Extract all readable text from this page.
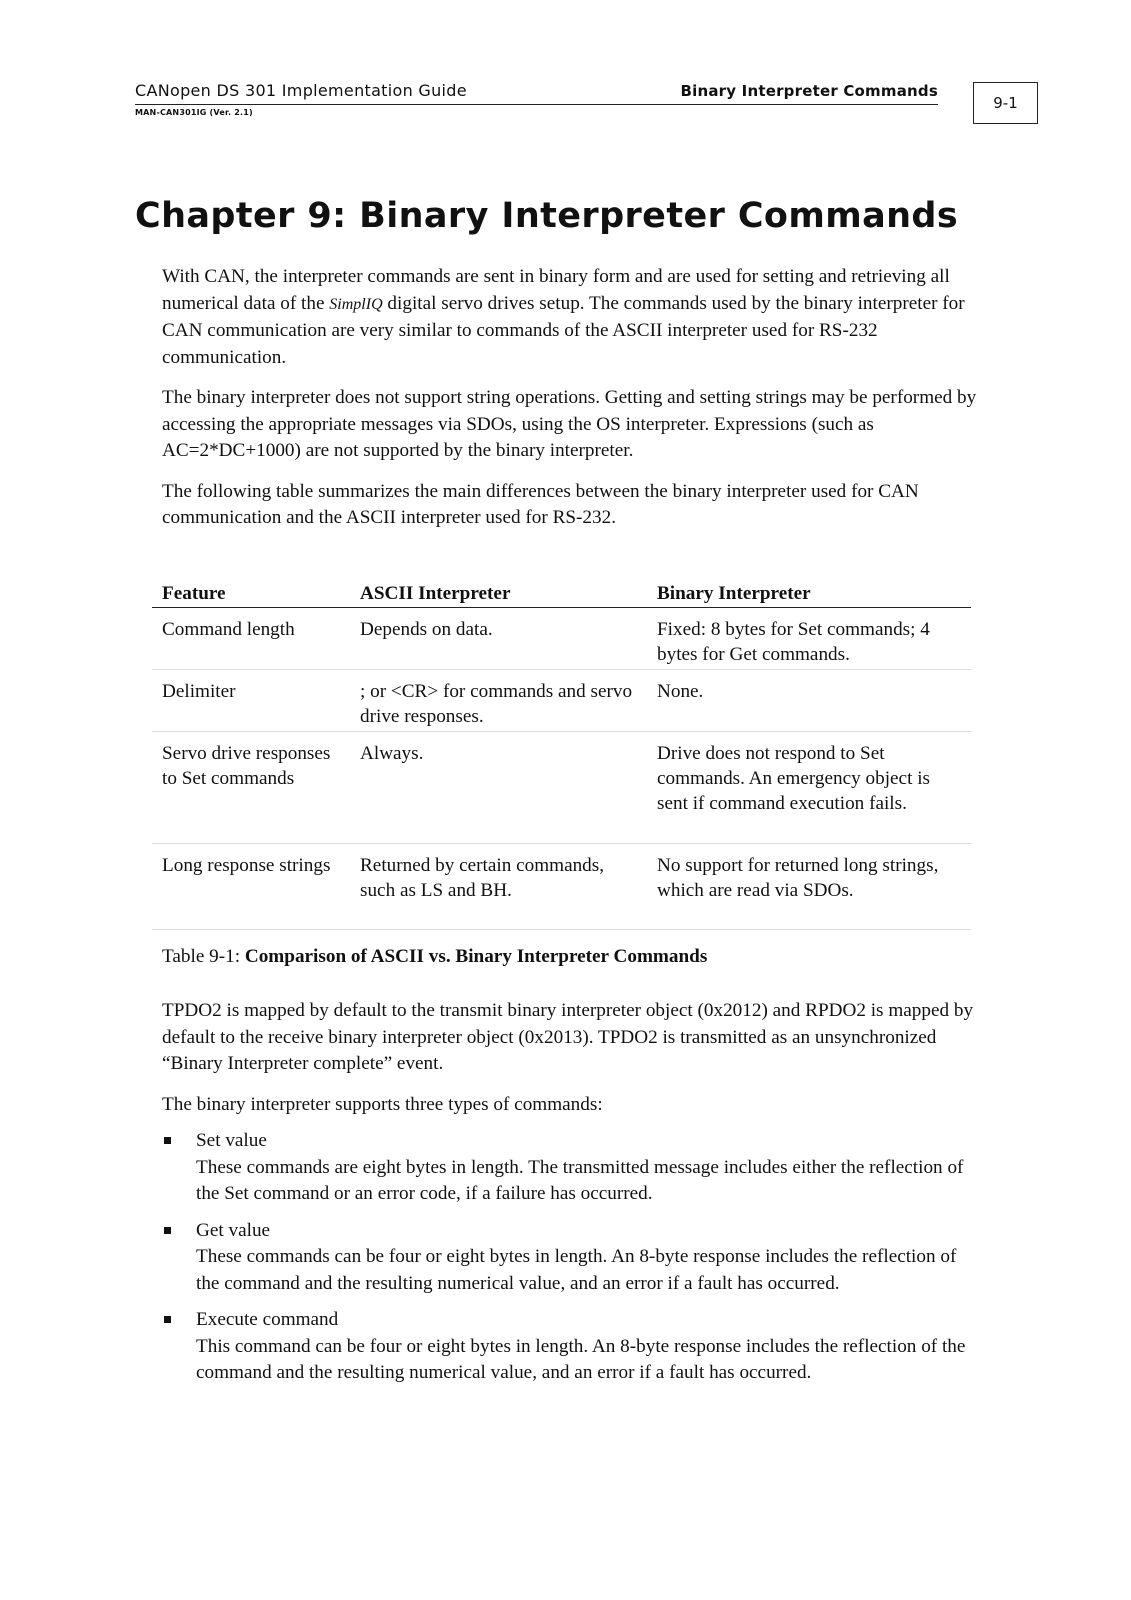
CANopen DS 301 Implementation Guide	Binary Interpreter Commands
MAN-CAN301IG (Ver. 2.1)
9-1
Chapter 9: Binary Interpreter Commands

With CAN, the interpreter commands are sent in binary form and are used for setting and retrieving all numerical data of the SimplIQ digital servo drives setup. The commands used by the binary interpreter for CAN communication are very similar to commands of the ASCII interpreter used for RS-232 communication.

The binary interpreter does not support string operations. Getting and setting strings may be performed by accessing the appropriate messages via SDOs, using the OS interpreter. Expressions (such as AC=2*DC+1000) are not supported by the binary interpreter.

The following table summarizes the main differences between the binary interpreter used for CAN communication and the ASCII interpreter used for RS-232.

Feature	ASCII Interpreter	Binary Interpreter
Command length	Depends on data.	Fixed: 8 bytes for Set commands; 4 bytes for Get commands.
Delimiter	; or <CR> for commands and servo drive responses.	None.
Servo drive responses to Set commands	Always.	Drive does not respond to Set commands. An emergency object is sent if command execution fails.
Long response strings	Returned by certain commands, such as LS and BH.	No support for returned long strings, which are read via SDOs.
Table 9-1: Comparison of ASCII vs. Binary Interpreter Commands

TPDO2 is mapped by default to the transmit binary interpreter object (0x2012) and RPDO2 is mapped by default to the receive binary interpreter object (0x2013). TPDO2 is transmitted as an unsynchronized “Binary Interpreter complete” event.

The binary interpreter supports three types of commands:

Set value
These commands are eight bytes in length. The transmitted message includes either the reflection of the Set command or an error code, if a failure has occurred.
Get value
These commands can be four or eight bytes in length. An 8-byte response includes the reflection of the command and the resulting numerical value, and an error if a fault has occurred.
Execute command
This command can be four or eight bytes in length. An 8-byte response includes the reflection of the command and the resulting numerical value, and an error if a fault has occurred.
